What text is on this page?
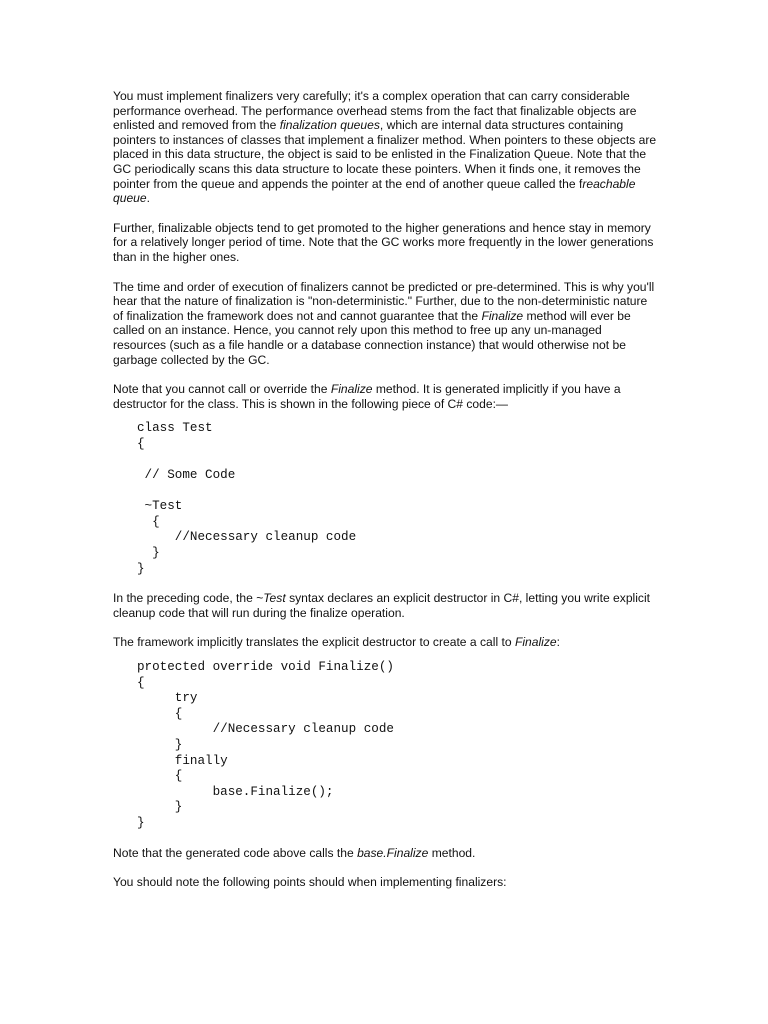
You must implement finalizers very carefully; it's a complex operation that can carry considerable performance overhead. The performance overhead stems from the fact that finalizable objects are enlisted and removed from the finalization queues, which are internal data structures containing pointers to instances of classes that implement a finalizer method. When pointers to these objects are placed in this data structure, the object is said to be enlisted in the Finalization Queue. Note that the GC periodically scans this data structure to locate these pointers. When it finds one, it removes the pointer from the queue and appends the pointer at the end of another queue called the freachable queue.

Further, finalizable objects tend to get promoted to the higher generations and hence stay in memory for a relatively longer period of time. Note that the GC works more frequently in the lower generations than in the higher ones.

The time and order of execution of finalizers cannot be predicted or pre-determined. This is why you'll hear that the nature of finalization is "non-deterministic." Further, due to the non-deterministic nature of finalization the framework does not and cannot guarantee that the Finalize method will ever be called on an instance. Hence, you cannot rely upon this method to free up any un-managed resources (such as a file handle or a database connection instance) that would otherwise not be garbage collected by the GC.

Note that you cannot call or override the Finalize method. It is generated implicitly if you have a destructor for the class. This is shown in the following piece of C# code:—

class Test
{

// Some Code

~Test
{
//Necessary cleanup code
}
}

In the preceding code, the ~Test syntax declares an explicit destructor in C#, letting you write explicit cleanup code that will run during the finalize operation.

The framework implicitly translates the explicit destructor to create a call to Finalize:

protected override void Finalize()
{
try
{
//Necessary cleanup code
}
finally
{
base.Finalize();
}
}

Note that the generated code above calls the base.Finalize method.

You should note the following points should when implementing finalizers:
